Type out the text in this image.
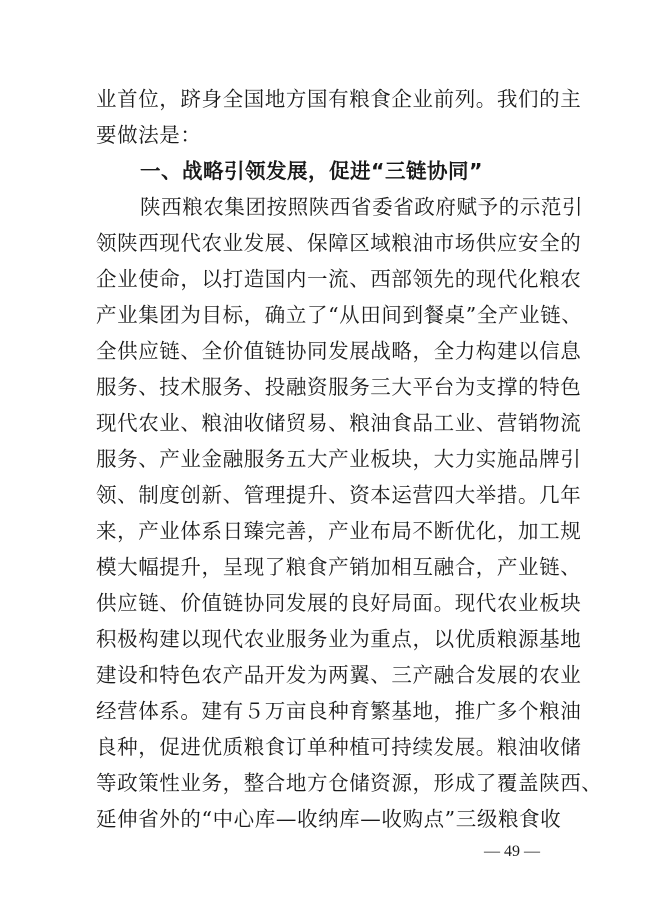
业首位，跻身全国地方国有粮食企业前列。我们的主
要做法是：
一、战略引领发展，促进“三链协同”
陕西粮农集团按照陕西省委省政府赋予的示范引
领陕西现代农业发展、保障区域粮油市场供应安全的
企业使命，以打造国内一流、西部领先的现代化粮农
产业集团为目标，确立了“从田间到餐桌”全产业链、
全供应链、全价值链协同发展战略，全力构建以信息
服务、技术服务、投融资服务三大平台为支撑的特色
现代农业、粮油收储贸易、粮油食品工业、营销物流
服务、产业金融服务五大产业板块，大力实施品牌引
领、制度创新、管理提升、资本运营四大举措。几年
来，产业体系日臻完善，产业布局不断优化，加工规
模大幅提升，呈现了粮食产销加相互融合，产业链、
供应链、价值链协同发展的良好局面。现代农业板块
积极构建以现代农业服务业为重点，以优质粮源基地
建设和特色农产品开发为两翼、三产融合发展的农业
经营体系。建有５万亩良种育繁基地，推广多个粮油
良种，促进优质粮食订单种植可持续发展。粮油收储
等政策性业务，整合地方仓储资源，形成了覆盖陕西、
延伸省外的“中心库—收纳库—收购点”三级粮食收
— 49 —
